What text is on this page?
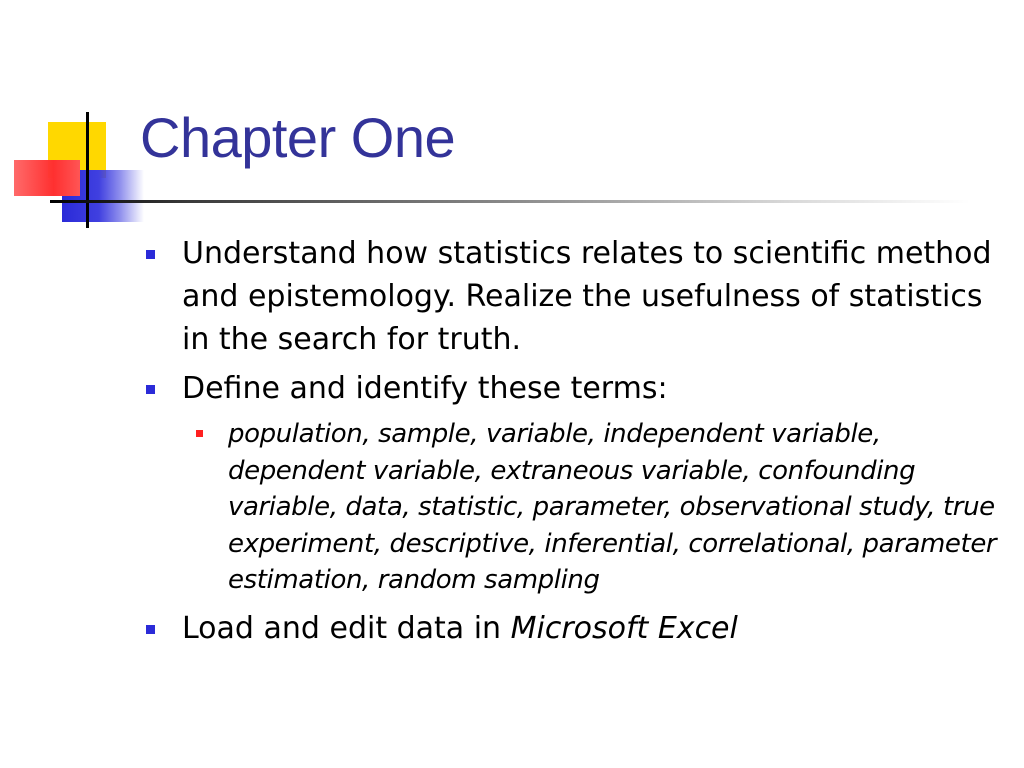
Chapter One
Understand how statistics relates to scientific method and epistemology. Realize the usefulness of statistics in the search for truth.
Define and identify these terms:
population, sample, variable, independent variable, dependent variable, extraneous variable, confounding variable, data, statistic, parameter, observational study, true experiment, descriptive, inferential, correlational, parameter estimation, random sampling
Load and edit data in Microsoft Excel
